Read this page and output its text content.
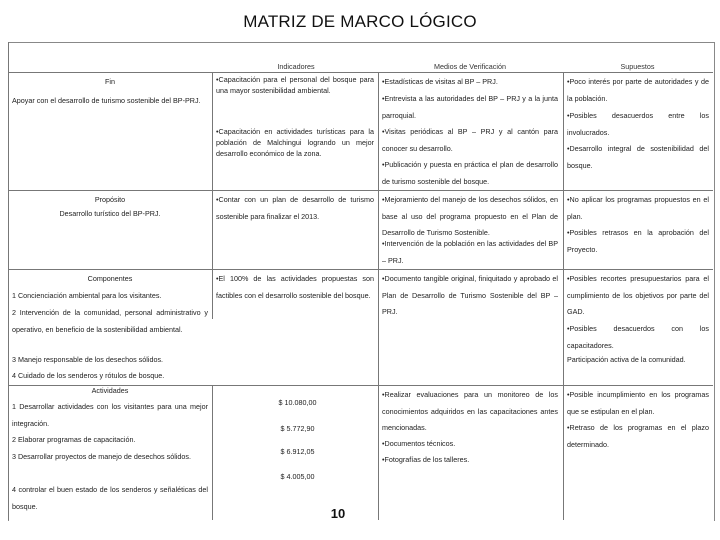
MATRIZ DE MARCO LÓGICO
Indicadores	Medios de Verificación	Supuestos
Fin
Apoyar con el desarrollo de turismo sostenible del BP-PRJ.
•Capacitación para el personal del bosque para una mayor sostenibilidad ambiental.
•Capacitación en actividades turísticas para la población de Malchingui logrando un mejor desarrollo económico de la zona.
•Estadísticas de visitas al BP – PRJ.
•Entrevista a las autoridades del BP – PRJ y a la junta parroquial.
•Visitas periódicas al BP – PRJ y al cantón para conocer su desarrollo.
•Publicación y puesta en práctica el plan de desarrollo de turismo sostenible del bosque.
•Poco interés por parte de autoridades y de la población.
•Posibles desacuerdos entre los involucrados.
•Desarrollo integral de sostenibilidad del bosque.
Propósito
Desarrollo turístico del BP-PRJ.
•Contar con un plan de desarrollo de turismo sostenible para finalizar el 2013.
•Mejoramiento del manejo de los desechos sólidos, en base al uso del programa propuesto en el Plan de Desarrollo de Turismo Sostenible.
•Intervención de la población en las actividades del BP – PRJ.
•No aplicar los programas propuestos en el plan.
•Posibles retrasos en la aprobación del Proyecto.
Componentes
1 Concienciación ambiental para los visitantes.
2 Intervención de la comunidad, personal administrativo y operativo, en beneficio de la sostenibilidad ambiental.
3 Manejo responsable de los desechos sólidos.
4 Cuidado de los senderos y rótulos de bosque.
•El 100% de las actividades propuestas son factibles con el desarrollo sostenible del bosque.
•Documento tangible original, finiquitado y aprobado el Plan de Desarrollo de Turismo Sostenible del BP – PRJ.
•Posibles recortes presupuestarios para el cumplimiento de los objetivos por parte del GAD.
•Posibles desacuerdos con los capacitadores.
Participación activa de la comunidad.
Actividades
1 Desarrollar actividades con los visitantes para una mejor integración.
2 Elaborar programas de capacitación.
3 Desarrollar proyectos de manejo de desechos sólidos.
4 controlar el buen estado de los senderos y señaléticas del bosque.
$ 10.080,00
$ 5.772,90
$ 6.912,05
$ 4.005,00
•Realizar evaluaciones para un monitoreo de los conocimientos adquiridos en las capacitaciones antes mencionadas.
•Documentos técnicos.
•Fotografías de los talleres.
•Posible incumplimiento en los programas que se estipulan en el plan.
•Retraso de los programas en el plazo determinado.
10
